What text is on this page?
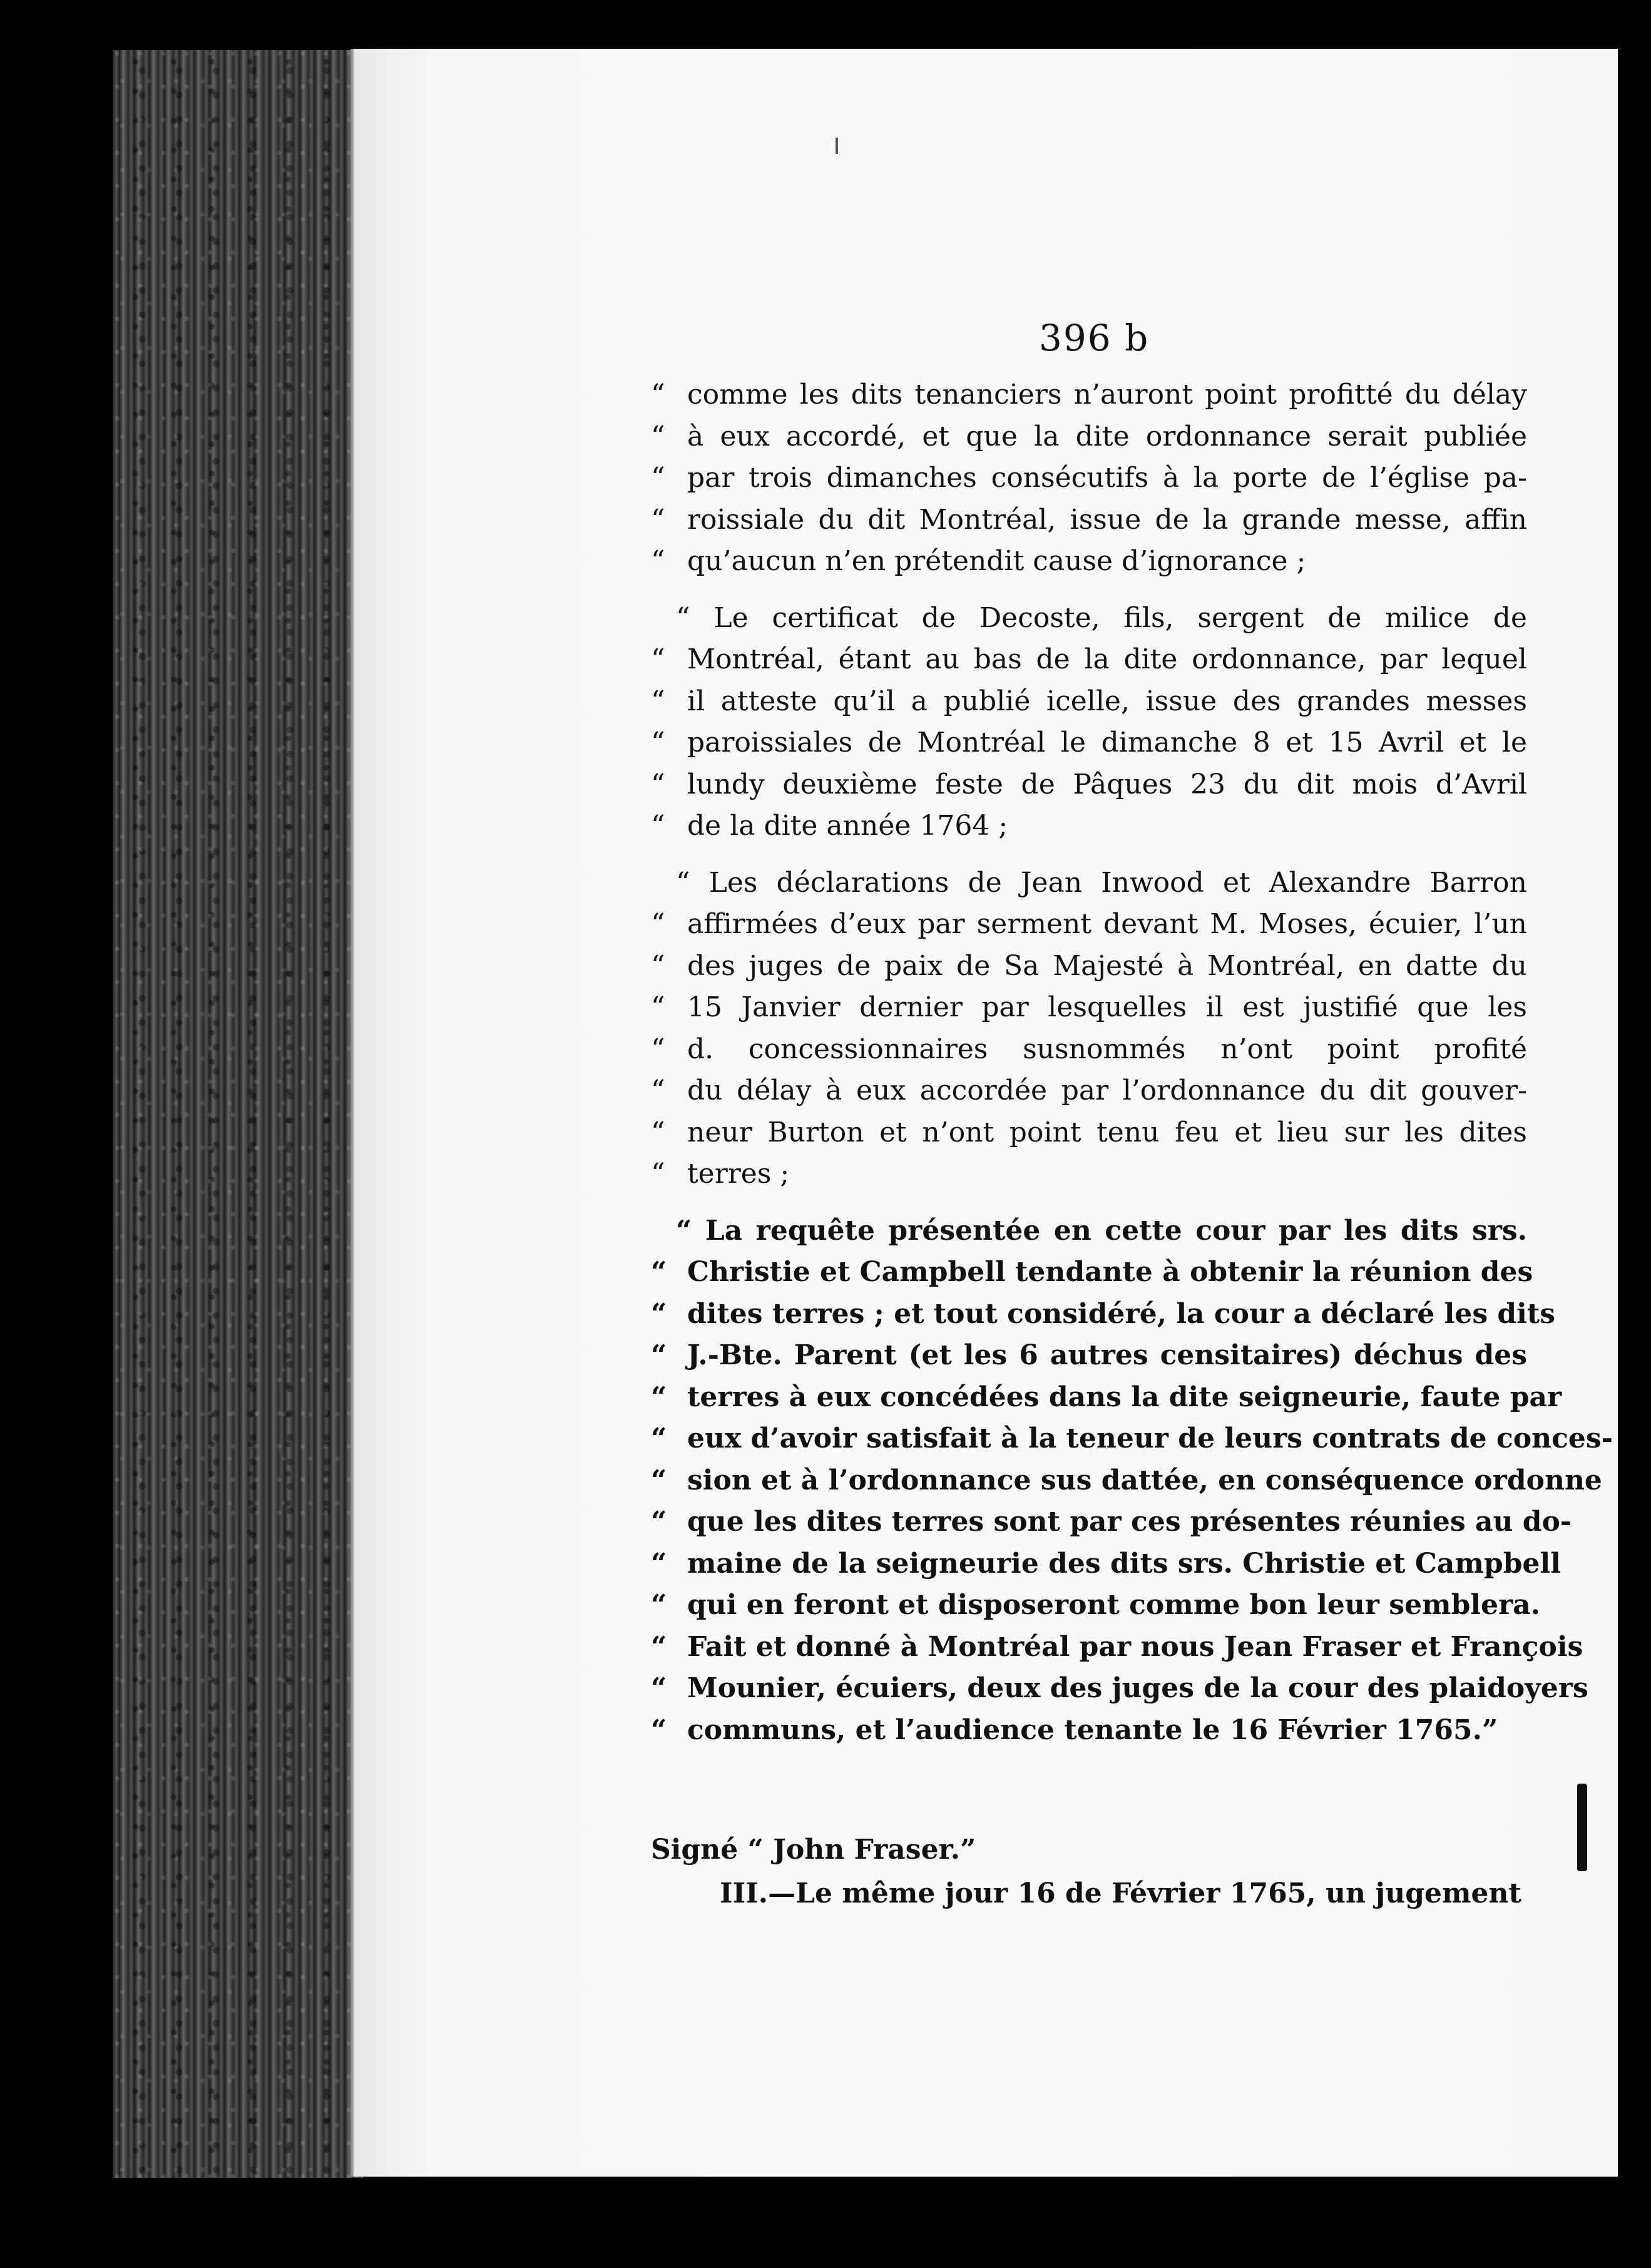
396 b
“ comme les dits tenanciers n’auront point profitté du délay
“ à eux accordé, et que la dite ordonnance serait publiée
“ par trois dimanches consécutifs à la porte de l’église pa-
“ roissiale du dit Montréal, issue de la grande messe, affin
“ qu’aucun n’en prétendit cause d’ignorance ;
“ Le certificat de Decoste, fils, sergent de milice de
“ Montréal, étant au bas de la dite ordonnance, par lequel
“ il atteste qu’il a publié icelle, issue des grandes messes
“ paroissiales de Montréal le dimanche 8 et 15 Avril et le
“ lundy deuxième feste de Pâques 23 du dit mois d’Avril
“ de la dite année 1764 ;
“ Les déclarations de Jean Inwood et Alexandre Barron
“ affirmées d’eux par serment devant M. Moses, écuier, l’un
“ des juges de paix de Sa Majesté à Montréal, en datte du
“ 15 Janvier dernier par lesquelles il est justifié que les
“ d. concessionnaires susnommés n’ont point profité
“ du délay à eux accordée par l’ordonnance du dit gouver-
“ neur Burton et n’ont point tenu feu et lieu sur les dites
“ terres ;
“ La requête présentée en cette cour par les dits srs.
“ Christie et Campbell tendante à obtenir la réunion des
“ dites terres ; et tout considéré, la cour a déclaré les dits
“ J.-Bte. Parent (et les 6 autres censitaires) déchus des
“ terres à eux concédées dans la dite seigneurie, faute par
“ eux d’avoir satisfait à la teneur de leurs contrats de conces-
“ sion et à l’ordonnance sus dattée, en conséquence ordonne
“ que les dites terres sont par ces présentes réunies au do-
“ maine de la seigneurie des dits srs. Christie et Campbell
“ qui en feront et disposeront comme bon leur semblera.
“ Fait et donné à Montréal par nous Jean Fraser et François
“ Mounier, écuiers, deux des juges de la cour des plaidoyers
“ communs, et l’audience tenante le 16 Février 1765.”
Signé “ John Fraser.”
III.—Le même jour 16 de Février 1765, un jugement
